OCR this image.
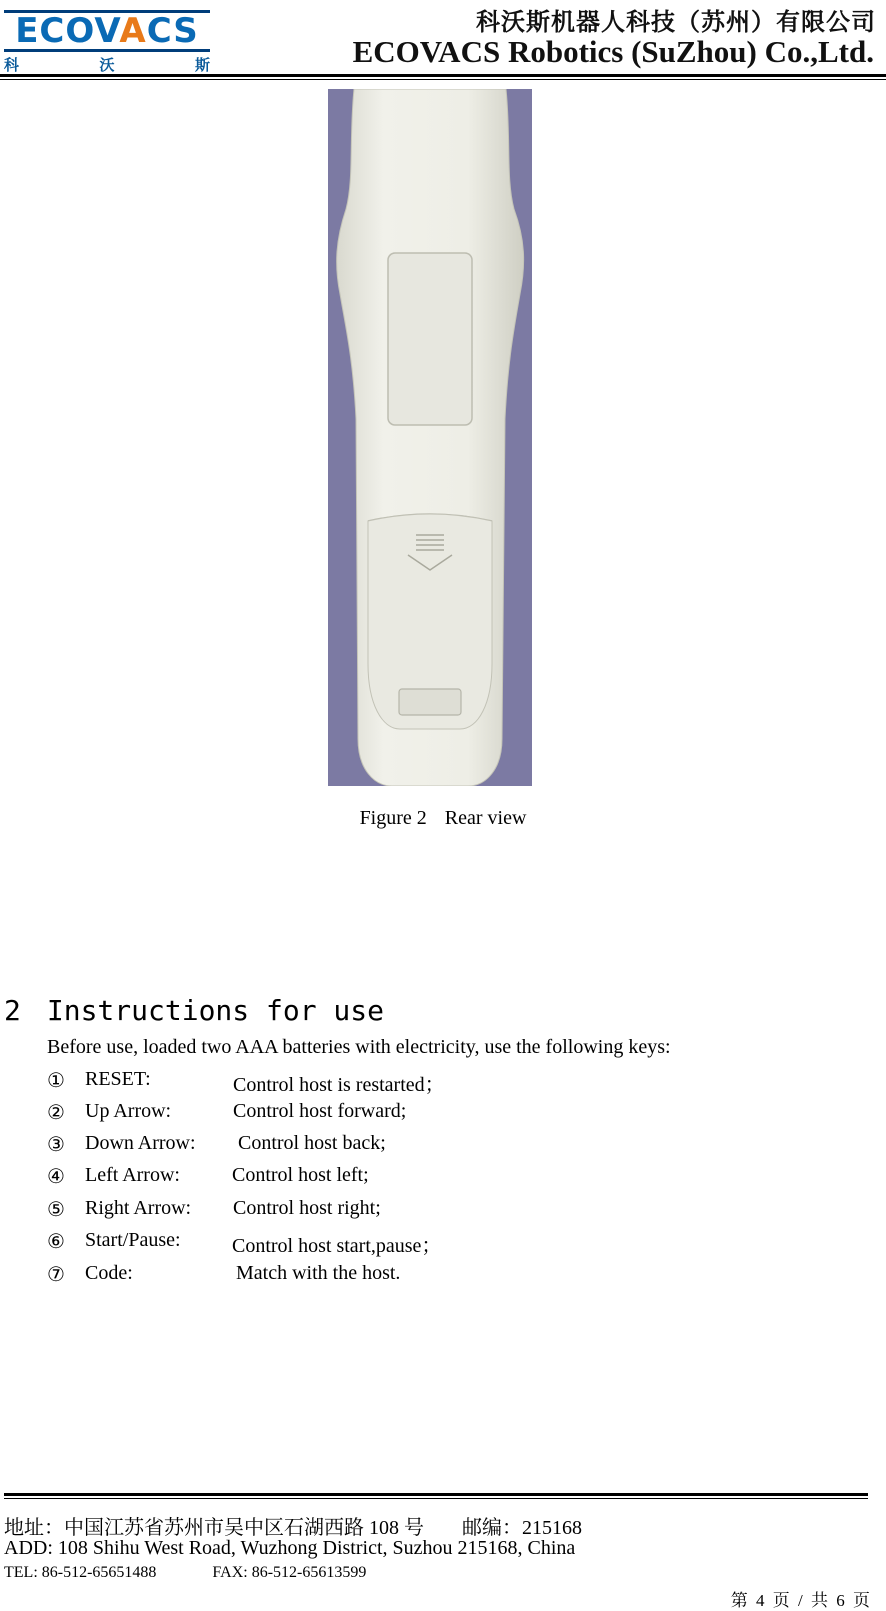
ECOVACS
科	沃	斯
科沃斯机器人科技（苏州）有限公司
ECOVACS Robotics (SuZhou) Co.,Ltd.
Figure 2 Rear view
2 Instructions for use
Before use, loaded two AAA batteries with electricity, use the following keys:
①	RESET:	Control host is restarted；
②	Up Arrow:	Control host forward;
③	Down Arrow: Control host back;
④	Left Arrow:	Control host left;
⑤	Right Arrow: Control host right;
⑥	Start/Pause:	Control host start,pause；
⑦	Code:	Match with the host.
地址：中国江苏省苏州市吴中区石湖西路 108 号 邮编：215168
ADD: 108 Shihu West Road, Wuzhong District, Suzhou 215168, China
TEL: 86-512-65651488	FAX: 86-512-65613599
第 4 页 / 共 6 页
